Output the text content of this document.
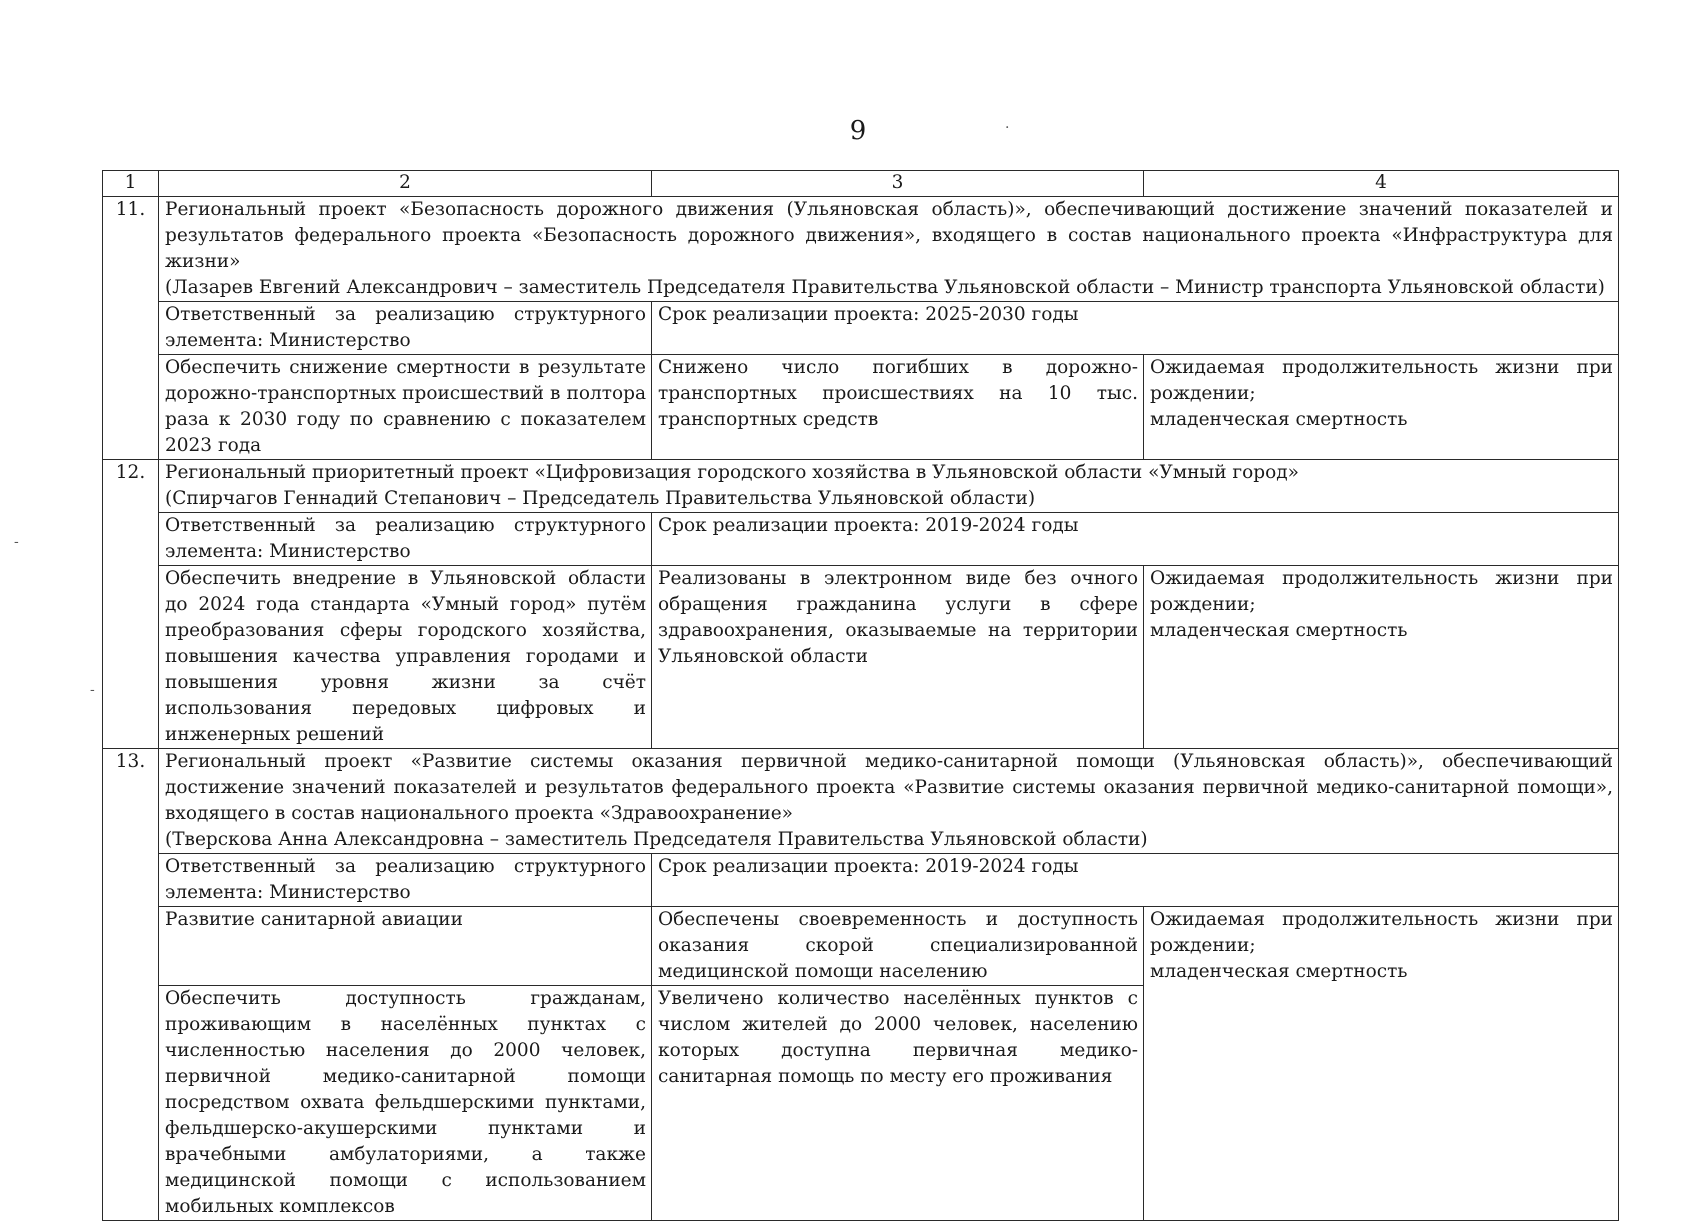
9	·
-
-
1	2	3	4
11.	Региональный проект «Безопасность дорожного движения (Ульяновская область)», обеспечивающий достижение значений показателей и результатов федерального проекта «Безопасность дорожного движения», входящего в состав национального проекта «Инфраструктура для жизни»
(Лазарев Евгений Александрович – заместитель Председателя Правительства Ульяновской области – Министр транспорта Ульяновской области)		

	Ответственный за реализацию структурного элемента: Министерство	Срок реализации проекта: 2025-2030 годы	
	Обеспечить снижение смертности в результате дорожно-транспортных происшествий в полтора раза к 2030 году по сравнению с показателем 2023 года	Снижено число погибших в дорожно-транспортных происшествиях на 10 тыс. транспортных средств	Ожидаемая продолжительность жизни при рождении;
младенческая смертность

12.	Региональный приоритетный проект «Цифровизация городского хозяйства в Ульяновской области «Умный город»
(Спирчагов Геннадий Степанович – Председатель Правительства Ульяновской области)		

	Ответственный за реализацию структурного элемента: Министерство	Срок реализации проекта: 2019-2024 годы	
	Обеспечить внедрение в Ульяновской области до 2024 года стандарта «Умный город» путём преобразования сферы городского хозяйства, повышения качества управления городами и повышения уровня жизни за счёт использования передовых цифровых и инженерных решений	Реализованы в электронном виде без очного обращения гражданина услуги в сфере здравоохранения, оказываемые на территории Ульяновской области	Ожидаемая продолжительность жизни при рождении;
младенческая смертность

13.	Региональный проект «Развитие системы оказания первичной медико-санитарной помощи (Ульяновская область)», обеспечивающий достижение значений показателей и результатов федерального проекта «Развитие системы оказания первичной медико-санитарной помощи», входящего в состав национального проекта «Здравоохранение»
(Тверскова Анна Александровна – заместитель Председателя Правительства Ульяновской области)		

	Ответственный за реализацию структурного элемента: Министерство	Срок реализации проекта: 2019-2024 годы	
	Развитие санитарной авиации	Обеспечены своевременность и доступность оказания скорой специализированной медицинской помощи населению	Ожидаемая продолжительность жизни при рождении;
младенческая смертность

	Обеспечить доступность гражданам, проживающим в населённых пунктах с численностью населения до 2000 человек, первичной медико-санитарной помощи посредством охвата фельдшерскими пунктами, фельдшерско-акушерскими пунктами и врачебными амбулаториями, а также медицинской помощи с использованием мобильных комплексов	Увеличено количество населённых пунктов с числом жителей до 2000 человек, населению которых доступна первичная медико-санитарная помощь по месту его проживания	
